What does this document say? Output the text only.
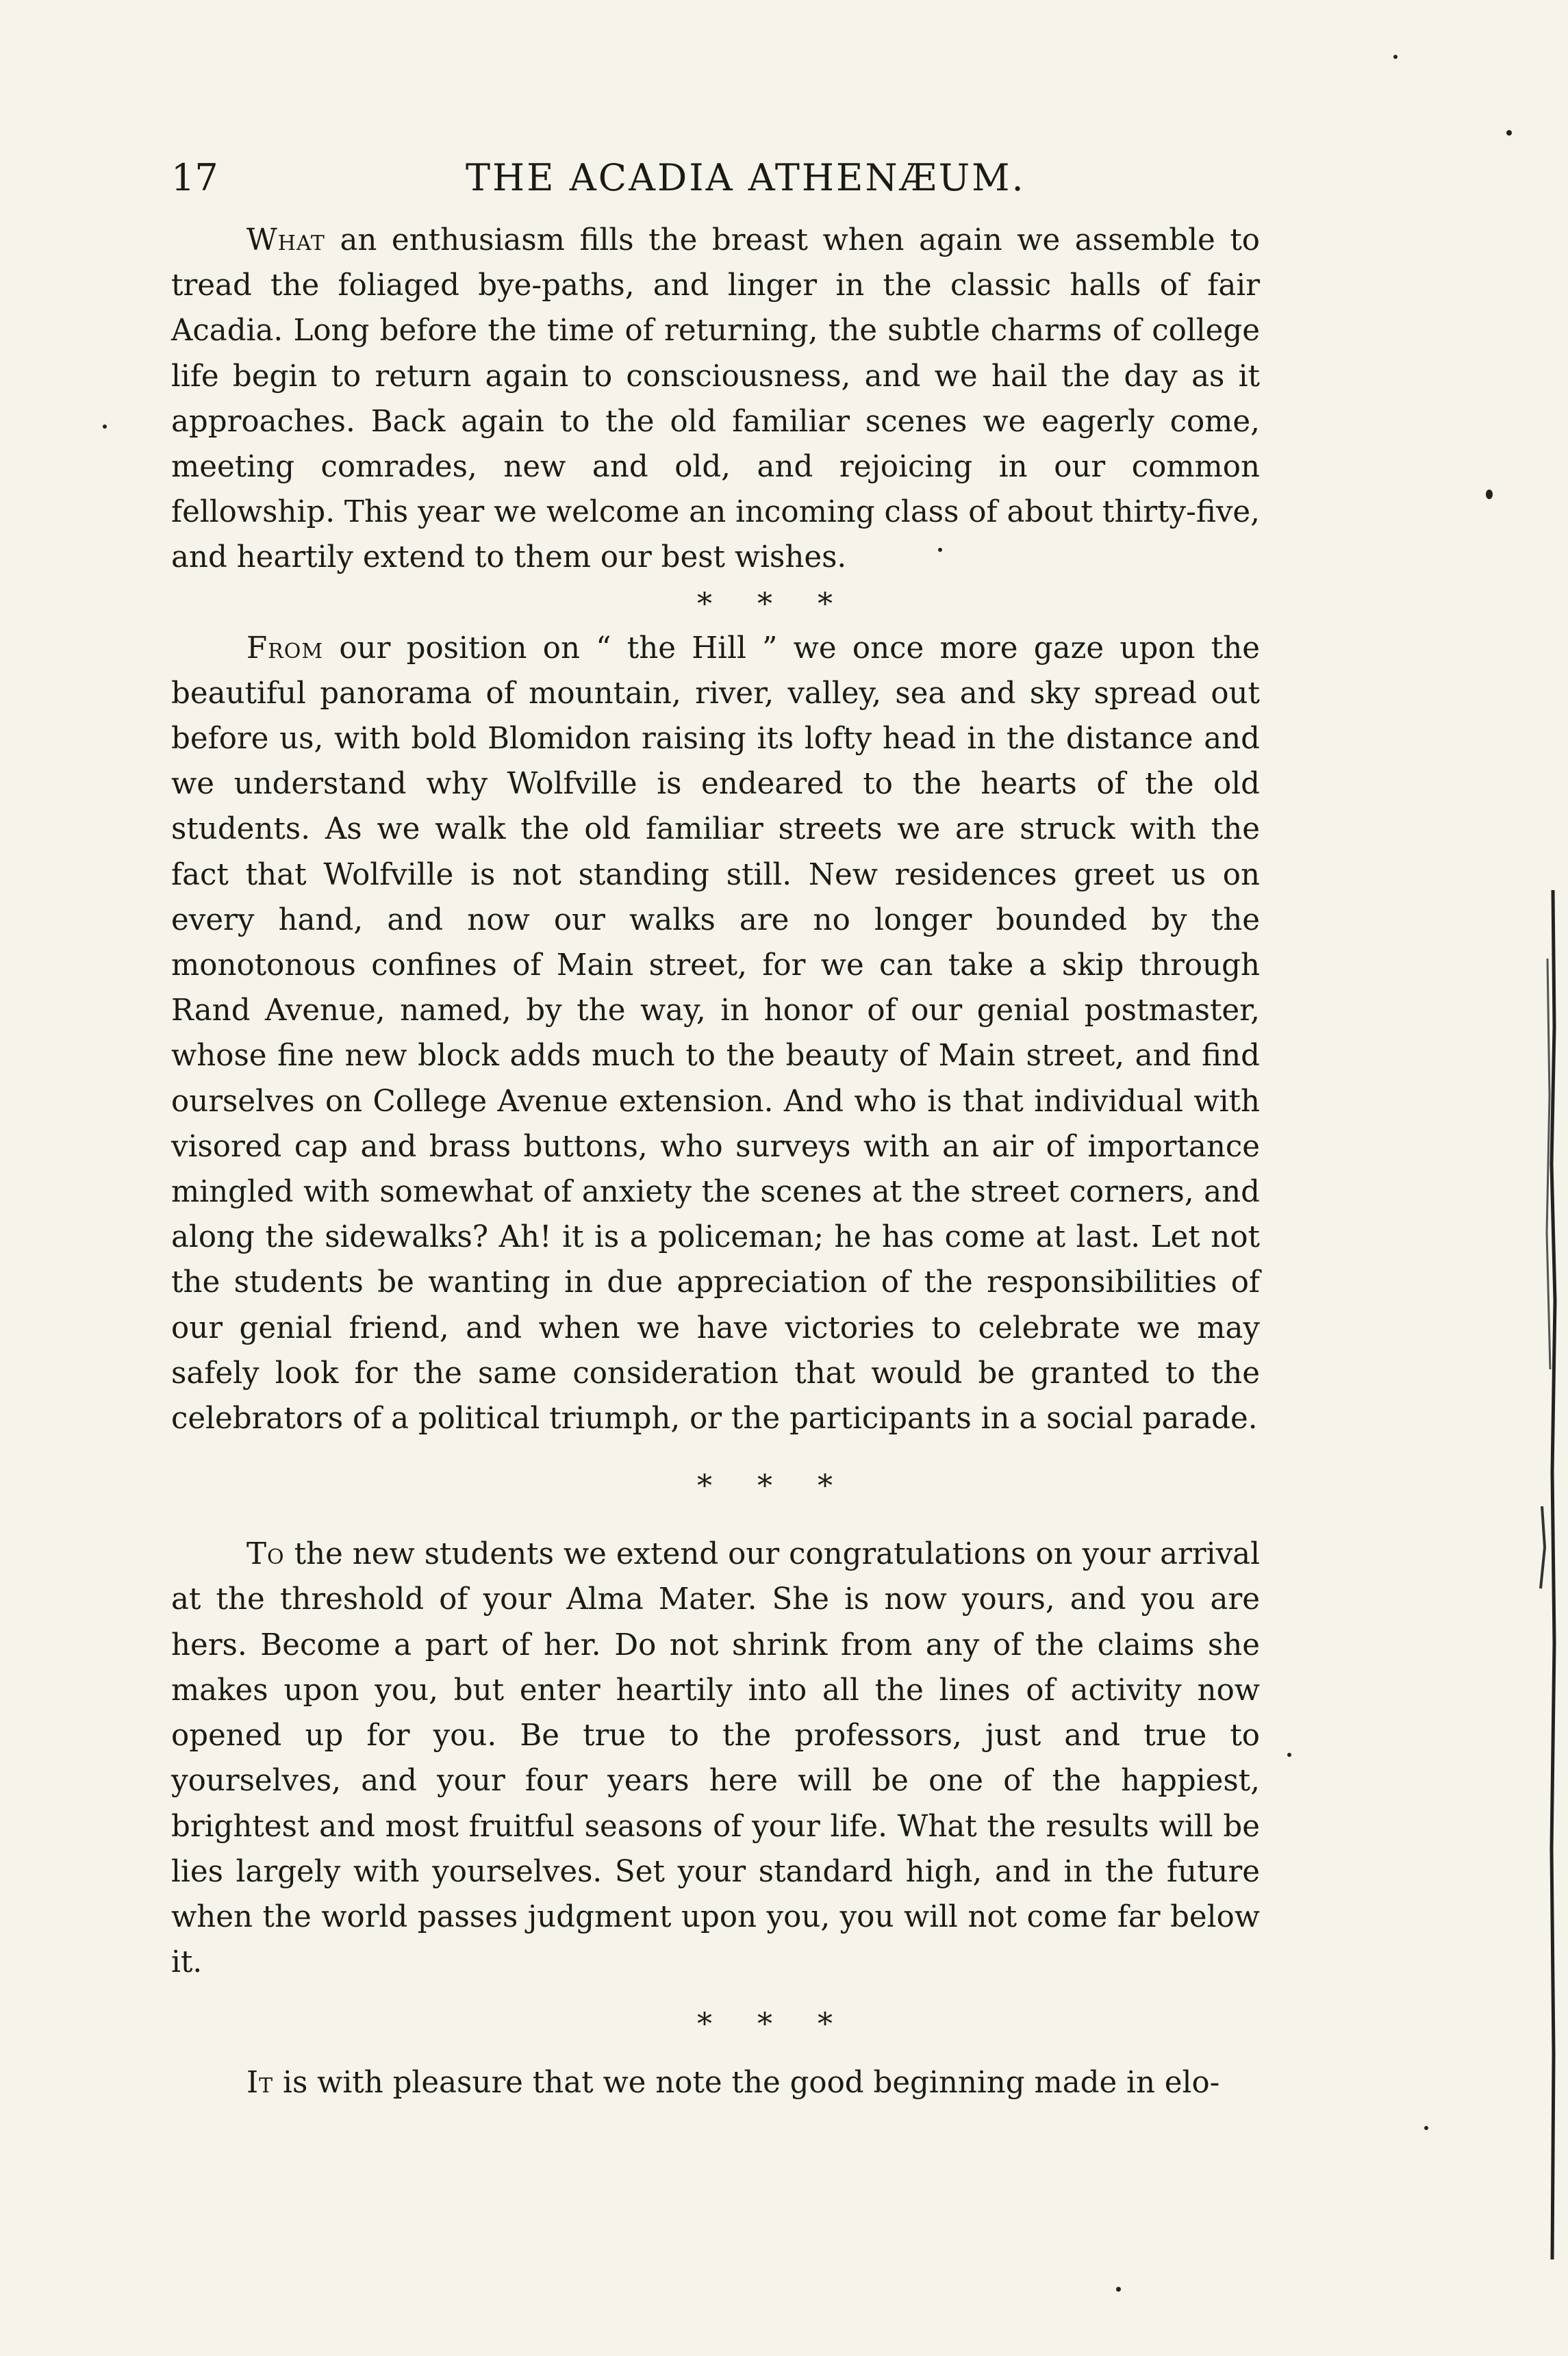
17	THE ACADIA ATHENÆUM.

What an enthusiasm fills the breast when again we assemble to tread the foliaged bye-paths, and linger in the classic halls of fair Acadia. Long before the time of returning, the subtle charms of college life begin to return again to consciousness, and we hail the day as it approaches. Back again to the old familiar scenes we eagerly come, meeting comrades, new and old, and rejoicing in our common fellowship. This year we welcome an incoming class of about thirty-five, and heartily extend to them our best wishes.

* * *

From our position on “ the Hill ” we once more gaze upon the beautiful panorama of mountain, river, valley, sea and sky spread out before us, with bold Blomidon raising its lofty head in the distance and we understand why Wolfville is endeared to the hearts of the old students. As we walk the old familiar streets we are struck with the fact that Wolfville is not standing still. New residences greet us on every hand, and now our walks are no longer bounded by the monotonous confines of Main street, for we can take a skip through Rand Avenue, named, by the way, in honor of our genial postmaster, whose fine new block adds much to the beauty of Main street, and find ourselves on College Avenue extension. And who is that individual with visored cap and brass buttons, who surveys with an air of importance mingled with somewhat of anxiety the scenes at the street corners, and along the sidewalks? Ah! it is a policeman; he has come at last. Let not the students be wanting in due appreciation of the responsibilities of our genial friend, and when we have victories to celebrate we may safely look for the same consideration that would be granted to the celebrators of a political triumph, or the participants in a social parade.

* * *

To the new students we extend our congratulations on your arrival at the threshold of your Alma Mater. She is now yours, and you are hers. Become a part of her. Do not shrink from any of the claims she makes upon you, but enter heartily into all the lines of activity now opened up for you. Be true to the professors, just and true to yourselves, and your four years here will be one of the happiest, brightest and most fruitful seasons of your life. What the results will be lies largely with yourselves. Set your standard high, and in the future when the world passes judgment upon you, you will not come far below it.

* * *

It is with pleasure that we note the good beginning made in elo-
